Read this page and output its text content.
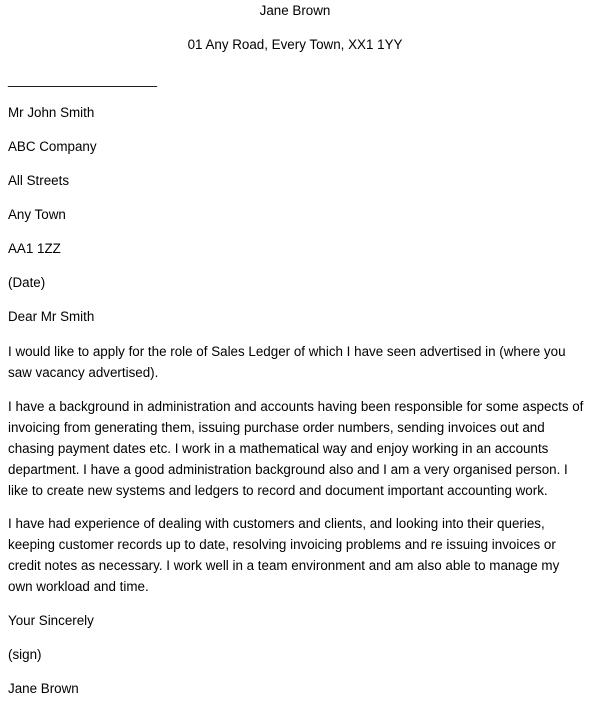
Jane Brown
01 Any Road, Every Town, XX1 1YY
____________________
Mr John Smith
ABC Company
All Streets
Any Town
AA1 1ZZ
(Date)
Dear Mr Smith
I would like to apply for the role of Sales Ledger of which I have seen advertised in (where you
saw vacancy advertised).
I have a background in administration and accounts having been responsible for some aspects of
invoicing from generating them, issuing purchase order numbers, sending invoices out and
chasing payment dates etc. I work in a mathematical way and enjoy working in an accounts
department. I have a good administration background also and I am a very organised person. I
like to create new systems and ledgers to record and document important accounting work.
I have had experience of dealing with customers and clients, and looking into their queries,
keeping customer records up to date, resolving invoicing problems and re issuing invoices or
credit notes as necessary. I work well in a team environment and am also able to manage my
own workload and time.
Your Sincerely
(sign)
Jane Brown
